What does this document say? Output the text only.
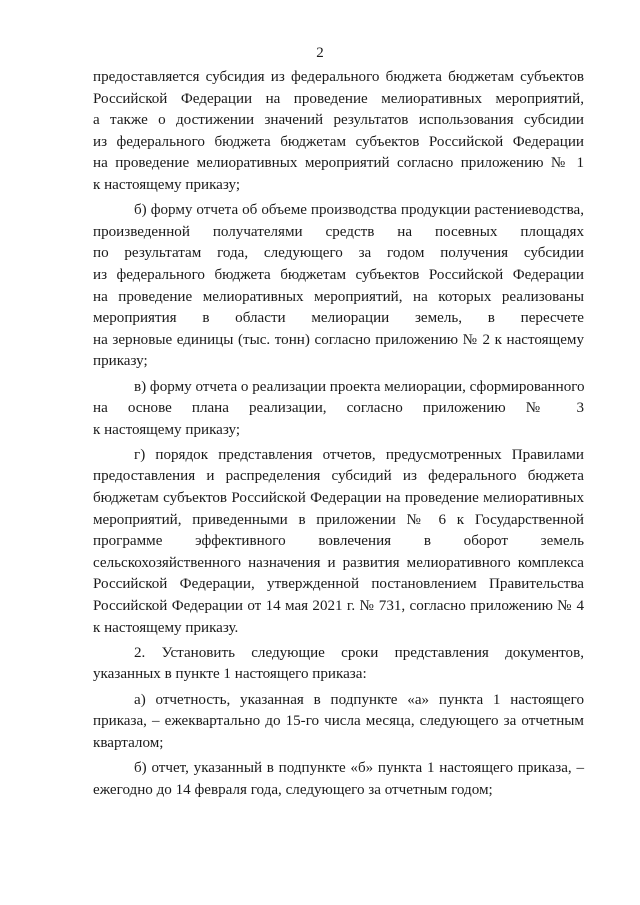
2
предоставляется субсидия из федерального бюджета бюджетам субъектов
Российской Федерации на проведение мелиоративных мероприятий,
а также о достижении значений результатов использования субсидии
из федерального бюджета бюджетам субъектов Российской Федерации
на проведение мелиоративных мероприятий согласно приложению № 1
к настоящему приказу;
б) форму отчета об объеме производства продукции растениеводства,
произведенной получателями средств на посевных площадях
по результатам года, следующего за годом получения субсидии
из федерального бюджета бюджетам субъектов Российской Федерации
на проведение мелиоративных мероприятий, на которых реализованы
мероприятия в области мелиорации земель, в пересчете
на зерновые единицы (тыс. тонн) согласно приложению № 2 к настоящему
приказу;
в) форму отчета о реализации проекта мелиорации, сформированного
на основе плана реализации, согласно приложению № 3
к настоящему приказу;
г) порядок представления отчетов, предусмотренных Правилами
предоставления и распределения субсидий из федерального бюджета
бюджетам субъектов Российской Федерации на проведение мелиоративных
мероприятий, приведенными в приложении № 6 к Государственной
программе эффективного вовлечения в оборот земель
сельскохозяйственного назначения и развития мелиоративного комплекса
Российской Федерации, утвержденной постановлением Правительства
Российской Федерации от 14 мая 2021 г. № 731, согласно приложению № 4
к настоящему приказу.
2. Установить следующие сроки представления документов,
указанных в пункте 1 настоящего приказа:
а) отчетность, указанная в подпункте «а» пункта 1 настоящего
приказа, – ежеквартально до 15-го числа месяца, следующего за отчетным
кварталом;
б) отчет, указанный в подпункте «б» пункта 1 настоящего приказа, –
ежегодно до 14 февраля года, следующего за отчетным годом;
